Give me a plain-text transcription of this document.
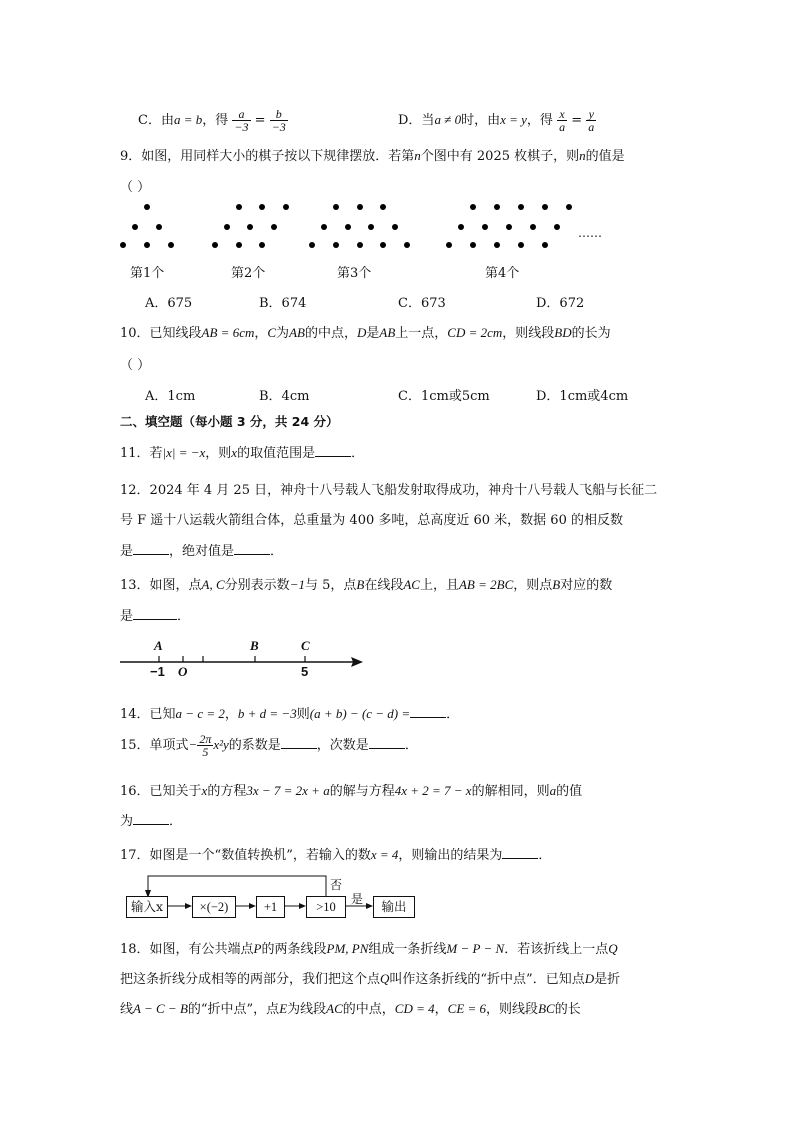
C．由a = b，得 $\frac{a}{-3} = \frac{b}{-3}$	D．当a ≠ 0时，由x = y，得 $\frac{x}{a} = \frac{y}{a}$
9．如图，用同样大小的棋子按以下规律摆放．若第n个图中有 2025 枚棋子，则n的值是
（ ）
……
第1个	第2个	第3个	第4个
A．675	B．674	C．673	D．672
10．已知线段AB = 6cm，C为AB的中点，D是AB上一点，CD = 2cm，则线段BD的长为
（ ）
A．1cm	B．4cm	C．1cm或5cm	D．1cm或4cm
二、填空题（每小题 3 分，共 24 分）
11．若|x| = −x，则x的取值范围是	．
12．2024 年 4 月 25 日，神舟十八号载人飞船发射取得成功，神舟十八号载人飞船与长征二
号 F 遥十八运载火箭组合体，总重量为 400 多吨，总高度近 60 米，数据 60 的相反数
是	，绝对值是	．
13．如图，点A, C分别表示数−1与 5，点B在线段AC上，且AB = 2BC，则点B对应的数
是	．
A	B	C
−1 O	5
14．已知a − c = 2，b + d = −3则(a + b) − (c − d) =	．
15．单项式− $\frac{2\pi}{5} x^2y$的系数是	，次数是	．
16．已知关于x的方程3x − 7 = 2x + a的解与方程4x + 2 = 7 − x的解相同，则a的值
为	．
17．如图是一个“数值转换机”，若输入的数x = 4，则输出的结果为	．
输入x	×(−2)	+1	>10	输出
否
是
18．如图，有公共端点P的两条线段PM, PN组成一条折线M − P − N．若该折线上一点Q
把这条折线分成相等的两部分，我们把这个点Q叫作这条折线的“折中点”．已知点D是折
线A − C − B的“折中点”，点E为线段AC的中点，CD = 4，CE = 6，则线段BC的长
